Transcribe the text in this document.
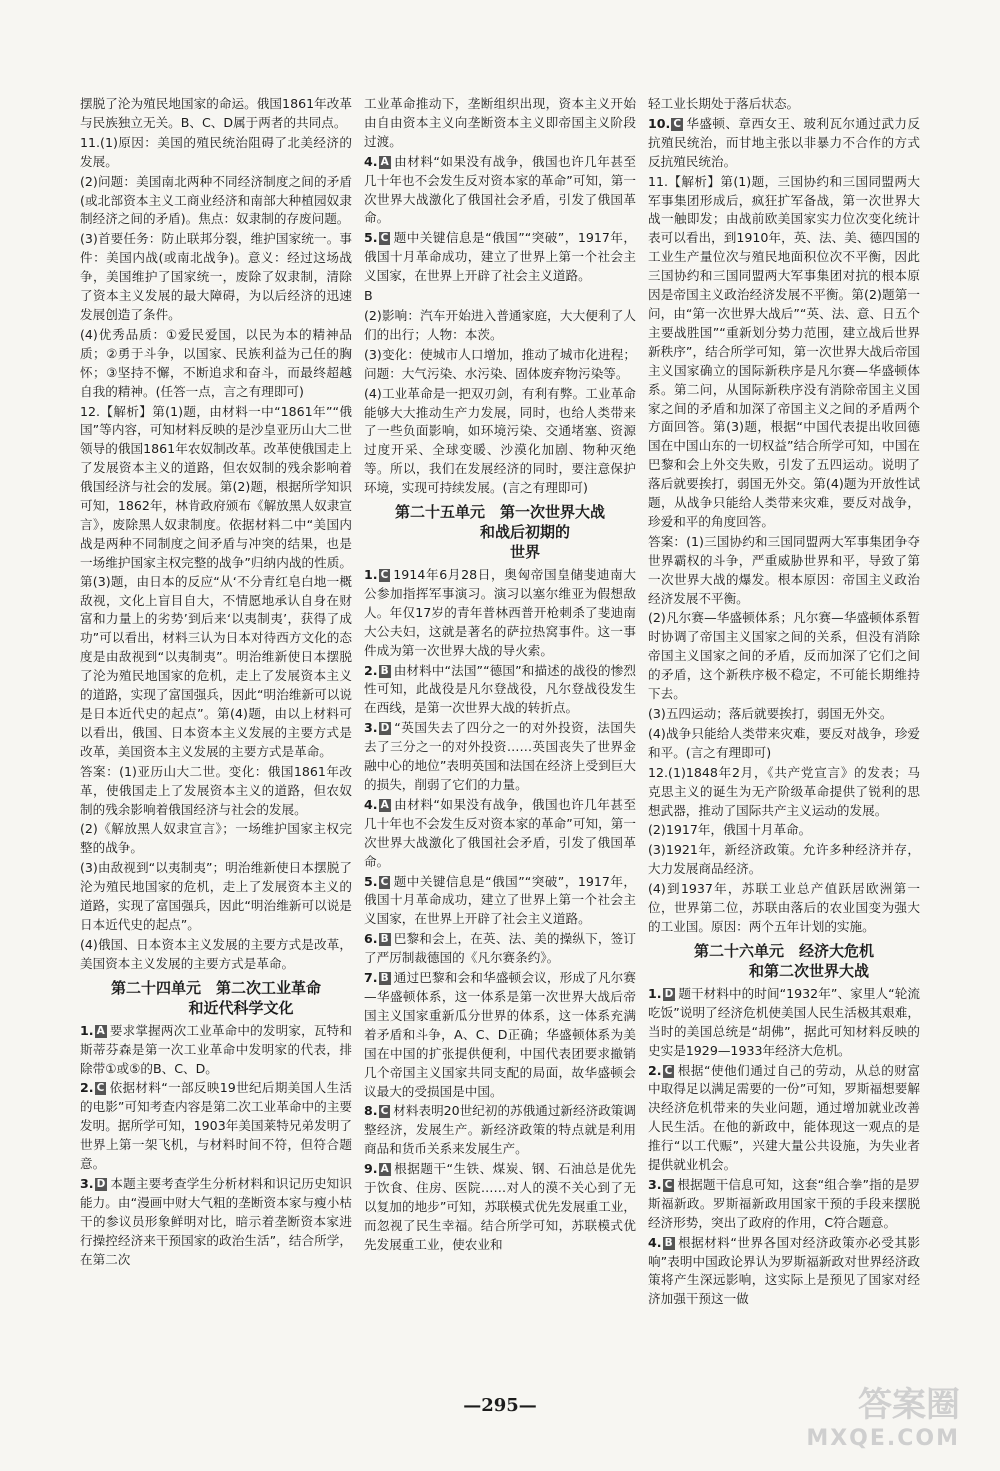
摆脱了沦为殖民地国家的命运。俄国1861年改革与民族独立无关。B、C、D属于两者的共同点。

11.(1)原因：美国的殖民统治阻碍了北美经济的发展。

(2)问题：美国南北两种不同经济制度之间的矛盾(或北部资本主义工商业经济和南部大种植园奴隶制经济之间的矛盾)。焦点：奴隶制的存废问题。

(3)首要任务：防止联邦分裂，维护国家统一。事件：美国内战(或南北战争)。意义：经过这场战争，美国维护了国家统一，废除了奴隶制，清除了资本主义发展的最大障碍，为以后经济的迅速发展创造了条件。

(4)优秀品质：①爱民爱国，以民为本的精神品质；②勇于斗争，以国家、民族利益为己任的胸怀；③坚持不懈，不断追求和奋斗，而最终超越自我的精神。(任答一点，言之有理即可)

12.【解析】第(1)题，由材料一中“1861年”“俄国”等内容，可知材料反映的是沙皇亚历山大二世领导的俄国1861年农奴制改革。改革使俄国走上了发展资本主义的道路，但农奴制的残余影响着俄国经济与社会的发展。第(2)题，根据所学知识可知，1862年，林肯政府颁布《解放黑人奴隶宣言》，废除黑人奴隶制度。依据材料二中“美国内战是两种不同制度之间矛盾与冲突的结果，也是一场维护国家主权完整的战争”归纳内战的性质。第(3)题，由日本的反应“从‘不分青红皂白地一概敌视，文化上盲目自大，不情愿地承认自身在财富和力量上的劣势’到后来‘以夷制夷’，获得了成功”可以看出，材料三认为日本对待西方文化的态度是由敌视到“以夷制夷”。明治维新使日本摆脱了沦为殖民地国家的危机，走上了发展资本主义的道路，实现了富国强兵，因此“明治维新可以说是日本近代史的起点”。第(4)题，由以上材料可以看出，俄国、日本资本主义发展的主要方式是改革，美国资本主义发展的主要方式是革命。

答案：(1)亚历山大二世。变化：俄国1861年改革，使俄国走上了发展资本主义的道路，但农奴制的残余影响着俄国经济与社会的发展。

(2)《解放黑人奴隶宣言》；一场维护国家主权完整的战争。

(3)由敌视到“以夷制夷”；明治维新使日本摆脱了沦为殖民地国家的危机，走上了发展资本主义的道路，实现了富国强兵，因此“明治维新可以说是日本近代史的起点”。

(4)俄国、日本资本主义发展的主要方式是改革，美国资本主义发展的主要方式是革命。

第二十四单元　第二次工业革命
和近代科学文化

1. A 要求掌握两次工业革命中的发明家，瓦特和斯蒂芬森是第一次工业革命中发明家的代表，排除带①或⑤的B、C、D。

2. C 依据材料“一部反映19世纪后期美国人生活的电影”可知考查内容是第二次工业革命中的主要发明。据所学可知，1903年美国莱特兄弟发明了世界上第一架飞机，与材料时间不符，但符合题意。

3. D 本题主要考查学生分析材料和识记历史知识能力。由“漫画中财大气粗的垄断资本家与瘦小枯干的参议员形象鲜明对比，暗示着垄断资本家进行操控经济来干预国家的政治生活”，结合所学，在第二次

工业革命推动下，垄断组织出现，资本主义开始由自由资本主义向垄断资本主义即帝国主义阶段过渡。

4. A 由材料“如果没有战争，俄国也许几年甚至几十年也不会发生反对资本家的革命”可知，第一次世界大战激化了俄国社会矛盾，引发了俄国革命。

5. C 题中关键信息是“俄国”“突破”，1917年，俄国十月革命成功，建立了世界上第一个社会主义国家，在世界上开辟了社会主义道路。

B

(2)影响：汽车开始进入普通家庭，大大便利了人们的出行；人物：本茨。

(3)变化：使城市人口增加，推动了城市化进程；问题：大气污染、水污染、固体废弃物污染等。

(4)工业革命是一把双刃剑，有利有弊。工业革命能够大大推动生产力发展，同时，也给人类带来了一些负面影响，如环境污染、交通堵塞、资源过度开采、全球变暖、沙漠化加剧、物种灭绝等。所以，我们在发展经济的同时，要注意保护环境，实现可持续发展。(言之有理即可)

第二十五单元　第一次世界大战
和战后初期的
世界

1. C 1914年6月28日，奥匈帝国皇储斐迪南大公参加指挥军事演习。演习以塞尔维亚为假想敌人。年仅17岁的青年普林西普开枪刺杀了斐迪南大公夫妇，这就是著名的萨拉热窝事件。这一事件成为第一次世界大战的导火索。

2. B 由材料中“法国”“德国”和描述的战役的惨烈性可知，此战役是凡尔登战役，凡尔登战役发生在西线，是第一次世界大战的转折点。

3. D “英国失去了四分之一的对外投资，法国失去了三分之一的对外投资……英国丧失了世界金融中心的地位”表明英国和法国在经济上受到巨大的损失，削弱了它们的力量。

4. A 由材料“如果没有战争，俄国也许几年甚至几十年也不会发生反对资本家的革命”可知，第一次世界大战激化了俄国社会矛盾，引发了俄国革命。

5. C 题中关键信息是“俄国”“突破”，1917年，俄国十月革命成功，建立了世界上第一个社会主义国家，在世界上开辟了社会主义道路。

6. B 巴黎和会上，在英、法、美的操纵下，签订了严厉制裁德国的《凡尔赛条约》。

7. B 通过巴黎和会和华盛顿会议，形成了凡尔赛—华盛顿体系，这一体系是第一次世界大战后帝国主义国家重新瓜分世界的体系，这一体系充满着矛盾和斗争，A、C、D正确；华盛顿体系为美国在中国的扩张提供便利，中国代表团要求撤销几个帝国主义国家共同支配的局面，故华盛顿会议最大的受损国是中国。

8. C 材料表明20世纪初的苏俄通过新经济政策调整经济，发展生产。新经济政策的特点就是利用商品和货币关系来发展生产。

9. A 根据题干“生铁、煤炭、钢、石油总是优先于饮食、住房、医院……对人的漠不关心到了无以复加的地步”可知，苏联模式优先发展重工业，而忽视了民生幸福。结合所学可知，苏联模式优先发展重工业，使农业和

轻工业长期处于落后状态。

10. C 华盛顿、章西女王、玻利瓦尔通过武力反抗殖民统治，而甘地主张以非暴力不合作的方式反抗殖民统治。

11.【解析】第(1)题，三国协约和三国同盟两大军事集团形成后，疯狂扩军备战，第一次世界大战一触即发；由战前欧美国家实力位次变化统计表可以看出，到1910年，英、法、美、德四国的工业生产量位次与殖民地面积位次不平衡，因此三国协约和三国同盟两大军事集团对抗的根本原因是帝国主义政治经济发展不平衡。第(2)题第一问，由“第一次世界大战后”“英、法、意、日五个主要战胜国”“重新划分势力范围，建立战后世界新秩序”，结合所学可知，第一次世界大战后帝国主义国家确立的国际新秩序是凡尔赛—华盛顿体系。第二问，从国际新秩序没有消除帝国主义国家之间的矛盾和加深了帝国主义之间的矛盾两个方面回答。第(3)题，根据“中国代表提出收回德国在中国山东的一切权益”结合所学可知，中国在巴黎和会上外交失败，引发了五四运动。说明了落后就要挨打，弱国无外交。第(4)题为开放性试题，从战争只能给人类带来灾难，要反对战争，珍爱和平的角度回答。

答案：(1)三国协约和三国同盟两大军事集团争夺世界霸权的斗争，严重威胁世界和平，导致了第一次世界大战的爆发。根本原因：帝国主义政治经济发展不平衡。

(2)凡尔赛—华盛顿体系；凡尔赛—华盛顿体系暂时协调了帝国主义国家之间的关系，但没有消除帝国主义国家之间的矛盾，反而加深了它们之间的矛盾，这个新秩序极不稳定，不可能长期维持下去。

(3)五四运动；落后就要挨打，弱国无外交。

(4)战争只能给人类带来灾难，要反对战争，珍爱和平。(言之有理即可)

12.(1)1848年2月，《共产党宣言》的发表；马克思主义的诞生为无产阶级革命提供了锐利的思想武器，推动了国际共产主义运动的发展。

(2)1917年，俄国十月革命。

(3)1921年，新经济政策。允许多种经济并存，大力发展商品经济。

(4)到1937年，苏联工业总产值跃居欧洲第一位，世界第二位，苏联由落后的农业国变为强大的工业国。原因：两个五年计划的实施。

第二十六单元　经济大危机
和第二次世界大战

1. D 题干材料中的时间“1932年”、家里人“轮流吃饭”说明了经济危机使美国人民生活极其艰难，当时的美国总统是“胡佛”，据此可知材料反映的史实是1929—1933年经济大危机。

2. C 根据“使他们通过自己的劳动，从总的财富中取得足以满足需要的一份”可知，罗斯福想要解决经济危机带来的失业问题，通过增加就业改善人民生活。在他的新政中，能体现这一观点的是推行“以工代赈”，兴建大量公共设施，为失业者提供就业机会。

3. C 根据题干信息可知，这套“组合拳”指的是罗斯福新政。罗斯福新政用国家干预的手段来摆脱经济形势，突出了政府的作用，C符合题意。

4. B 根据材料“世界各国对经济政策亦必受其影响”表明中国政论界认为罗斯福新政对世界经济政策将产生深远影响，这实际上是预见了国家对经济加强干预这一做

—295—	答案圈
MXQE.COM
